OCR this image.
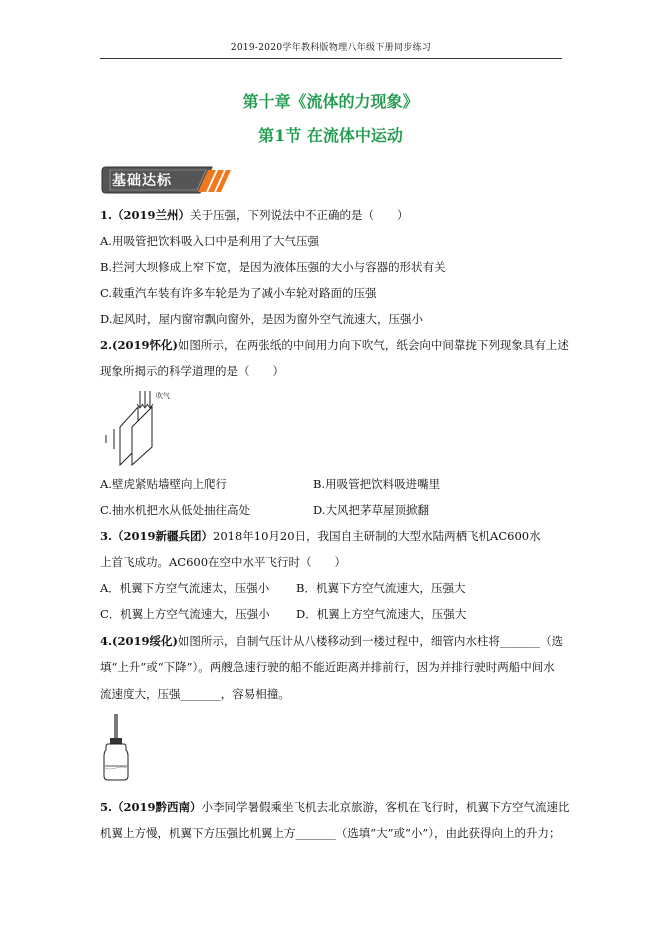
2019-2020学年教科版物理八年级下册同步练习
第十章《流体的力现象》
第1节 在流体中运动
基础达标
1.（2019兰州）关于压强，下列说法中不正确的是（　　）
A.用吸管把饮料吸入口中是利用了大气压强
B.拦河大坝修成上窄下宽，是因为液体压强的大小与容器的形状有关
C.载重汽车装有许多车轮是为了减小车轮对路面的压强
D.起风时，屋内窗帘飘向窗外，是因为窗外空气流速大，压强小
2.(2019怀化)如图所示，在两张纸的中间用力向下吹气，纸会向中间靠拢下列现象具有上述
现象所揭示的科学道理的是（　　）
吹气
A.壁虎紧贴墙壁向上爬行	B.用吸管把饮料吸进嘴里
C.抽水机把水从低处抽往高处	D.大风把茅草屋顶掀翻
3.（2019新疆兵团）2018年10月20日，我国自主研制的大型水陆两栖飞机AC600水
上首飞成功。AC600在空中水平飞行时（　　）
A．机翼下方空气流速太，压强小 B．机翼下方空气流速大，压强大
C．机翼上方空气流速大，压强小 D．机翼上方空气流速大，压强大
4.(2019绥化)如图所示，自制气压计从八楼移动到一楼过程中，细管内水柱将_______（选
填“上升”或“下降”）。两艘急速行驶的船不能近距离并排前行，因为并排行驶时两船中间水
流速度大，压强_______，容易相撞。
5.（2019黔西南）小李同学暑假乘坐飞机去北京旅游，客机在飞行时，机翼下方空气流速比
机翼上方慢，机翼下方压强比机翼上方_______（选填“大”或“小”），由此获得向上的升力；
